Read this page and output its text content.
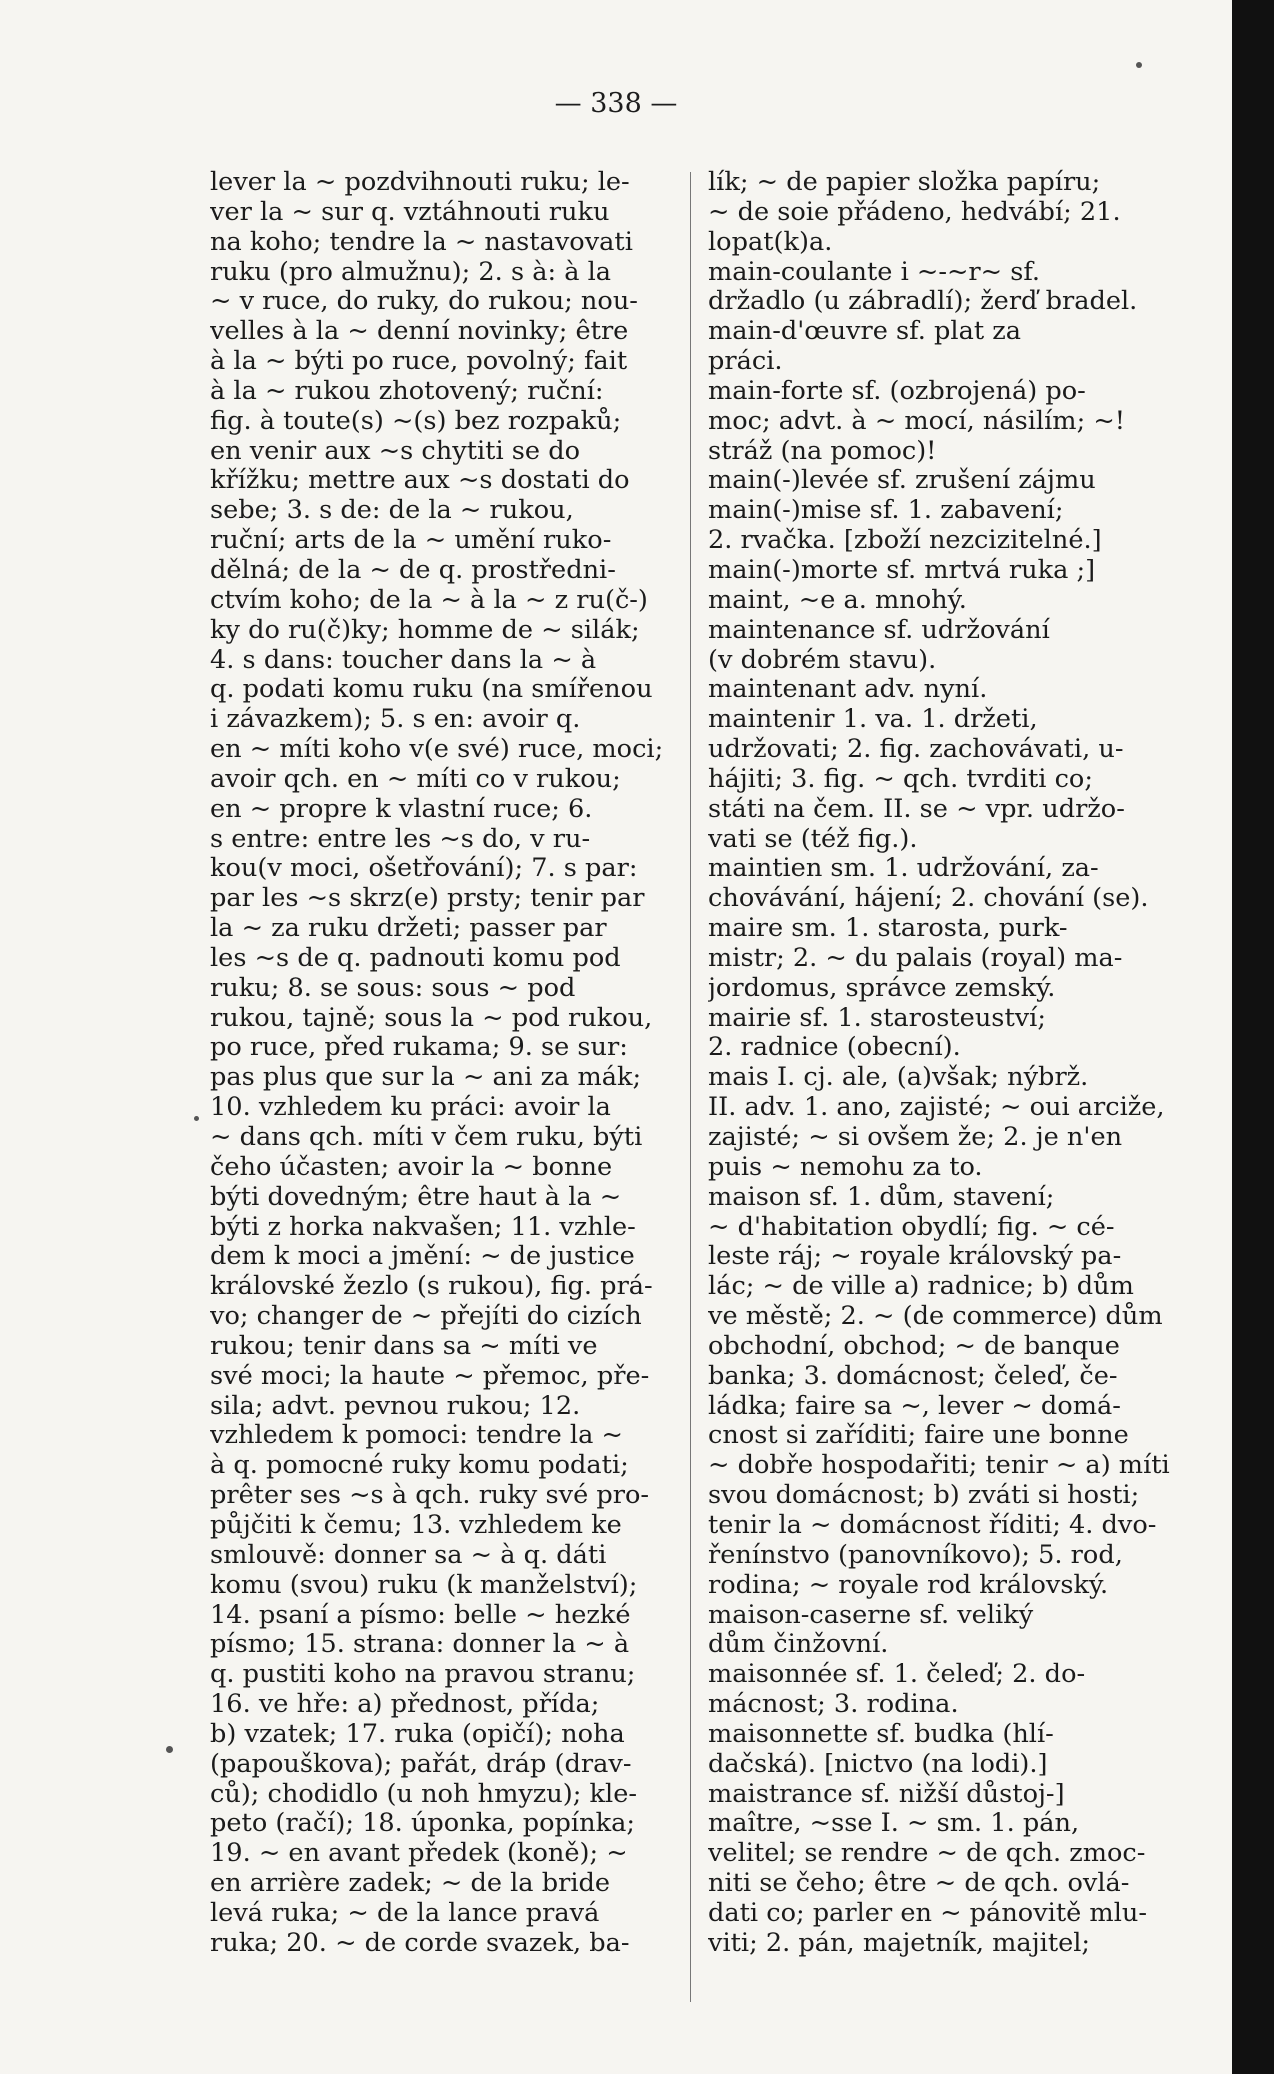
— 338 —
lever la ~ pozdvihnouti ruku; le-
ver la ~ sur q. vztáhnouti ruku
na koho; tendre la ~ nastavovati
ruku (pro almužnu); 2. s à: à la
~ v ruce, do ruky, do rukou; nou-
velles à la ~ denní novinky; être
à la ~ býti po ruce, povolný; fait
à la ~ rukou zhotovený; ruční:
fig. à toute(s) ~(s) bez rozpaků;
en venir aux ~s chytiti se do
křížku; mettre aux ~s dostati do
sebe; 3. s de: de la ~ rukou,
ruční; arts de la ~ umění ruko-
dělná; de la ~ de q. prostředni-
ctvím koho; de la ~ à la ~ z ru(č-)
ky do ru(č)ky; homme de ~ silák;
4. s dans: toucher dans la ~ à
q. podati komu ruku (na smířenou
i závazkem); 5. s en: avoir q.
en ~ míti koho v(e své) ruce, moci;
avoir qch. en ~ míti co v rukou;
en ~ propre k vlastní ruce; 6.
s entre: entre les ~s do, v ru-
kou(v moci, ošetřování); 7. s par:
par les ~s skrz(e) prsty; tenir par
la ~ za ruku držeti; passer par
les ~s de q. padnouti komu pod
ruku; 8. se sous: sous ~ pod
rukou, tajně; sous la ~ pod rukou,
po ruce, před rukama; 9. se sur:
pas plus que sur la ~ ani za mák;
10. vzhledem ku práci: avoir la
~ dans qch. míti v čem ruku, býti
čeho účasten; avoir la ~ bonne
býti dovedným; être haut à la ~
býti z horka nakvašen; 11. vzhle-
dem k moci a jmění: ~ de justice
královské žezlo (s rukou), fig. prá-
vo; changer de ~ přejíti do cizích
rukou; tenir dans sa ~ míti ve
své moci; la haute ~ přemoc, pře-
sila; advt. pevnou rukou; 12.
vzhledem k pomoci: tendre la ~
à q. pomocné ruky komu podati;
prêter ses ~s à qch. ruky své pro-
půjčiti k čemu; 13. vzhledem ke
smlouvě: donner sa ~ à q. dáti
komu (svou) ruku (k manželství);
14. psaní a písmo: belle ~ hezké
písmo; 15. strana: donner la ~ à
q. pustiti koho na pravou stranu;
16. ve hře: a) přednost, přída;
b) vzatek; 17. ruka (opičí); noha
(papouškova); pařát, dráp (drav-
ců); chodidlo (u noh hmyzu); kle-
peto (račí); 18. úponka, popínka;
19. ~ en avant předek (koně); ~
en arrière zadek; ~ de la bride
levá ruka; ~ de la lance pravá
ruka; 20. ~ de corde svazek, ba-
lík; ~ de papier složka papíru;
~ de soie přádeno, hedvábí; 21.
lopat(k)a.
main-coulante i ~-~r~ sf.
držadlo (u zábradlí); žerď bradel.
main-d'œuvre sf. plat za
práci.
main-forte sf. (ozbrojená) po-
moc; advt. à ~ mocí, násilím; ~!
stráž (na pomoc)!
main(-)levée sf. zrušení zájmu
main(-)mise sf. 1. zabavení;
2. rvačka. [zboží nezcizitelné.]
main(-)morte sf. mrtvá ruka ;]
maint, ~e a. mnohý.
maintenance sf. udržování
(v dobrém stavu).
maintenant adv. nyní.
maintenir 1. va. 1. držeti,
udržovati; 2. fig. zachovávati, u-
hájiti; 3. fig. ~ qch. tvrditi co;
státi na čem. II. se ~ vpr. udržo-
vati se (též fig.).
maintien sm. 1. udržování, za-
chovávání, hájení; 2. chování (se).
maire sm. 1. starosta, purk-
mistr; 2. ~ du palais (royal) ma-
jordomus, správce zemský.
mairie sf. 1. starosteuství;
2. radnice (obecní).
mais I. cj. ale, (a)však; nýbrž.
II. adv. 1. ano, zajisté; ~ oui arciže,
zajisté; ~ si ovšem že; 2. je n'en
puis ~ nemohu za to.
maison sf. 1. dům, stavení;
~ d'habitation obydlí; fig. ~ cé-
leste ráj; ~ royale královský pa-
lác; ~ de ville a) radnice; b) dům
ve městě; 2. ~ (de commerce) dům
obchodní, obchod; ~ de banque
banka; 3. domácnost; čeleď, če-
ládka; faire sa ~, lever ~ domá-
cnost si zaříditi; faire une bonne
~ dobře hospodařiti; tenir ~ a) míti
svou domácnost; b) zváti si hosti;
tenir la ~ domácnost říditi; 4. dvo-
řenínstvo (panovníkovo); 5. rod,
rodina; ~ royale rod královský.
maison-caserne sf. veliký
dům činžovní.
maisonnée sf. 1. čeleď; 2. do-
mácnost; 3. rodina.
maisonnette sf. budka (hlí-
dačská). [nictvo (na lodi).]
maistrance sf. nižší důstoj-]
maître, ~sse I. ~ sm. 1. pán,
velitel; se rendre ~ de qch. zmoc-
niti se čeho; être ~ de qch. ovlá-
dati co; parler en ~ pánovitě mlu-
viti; 2. pán, majetník, majitel;
